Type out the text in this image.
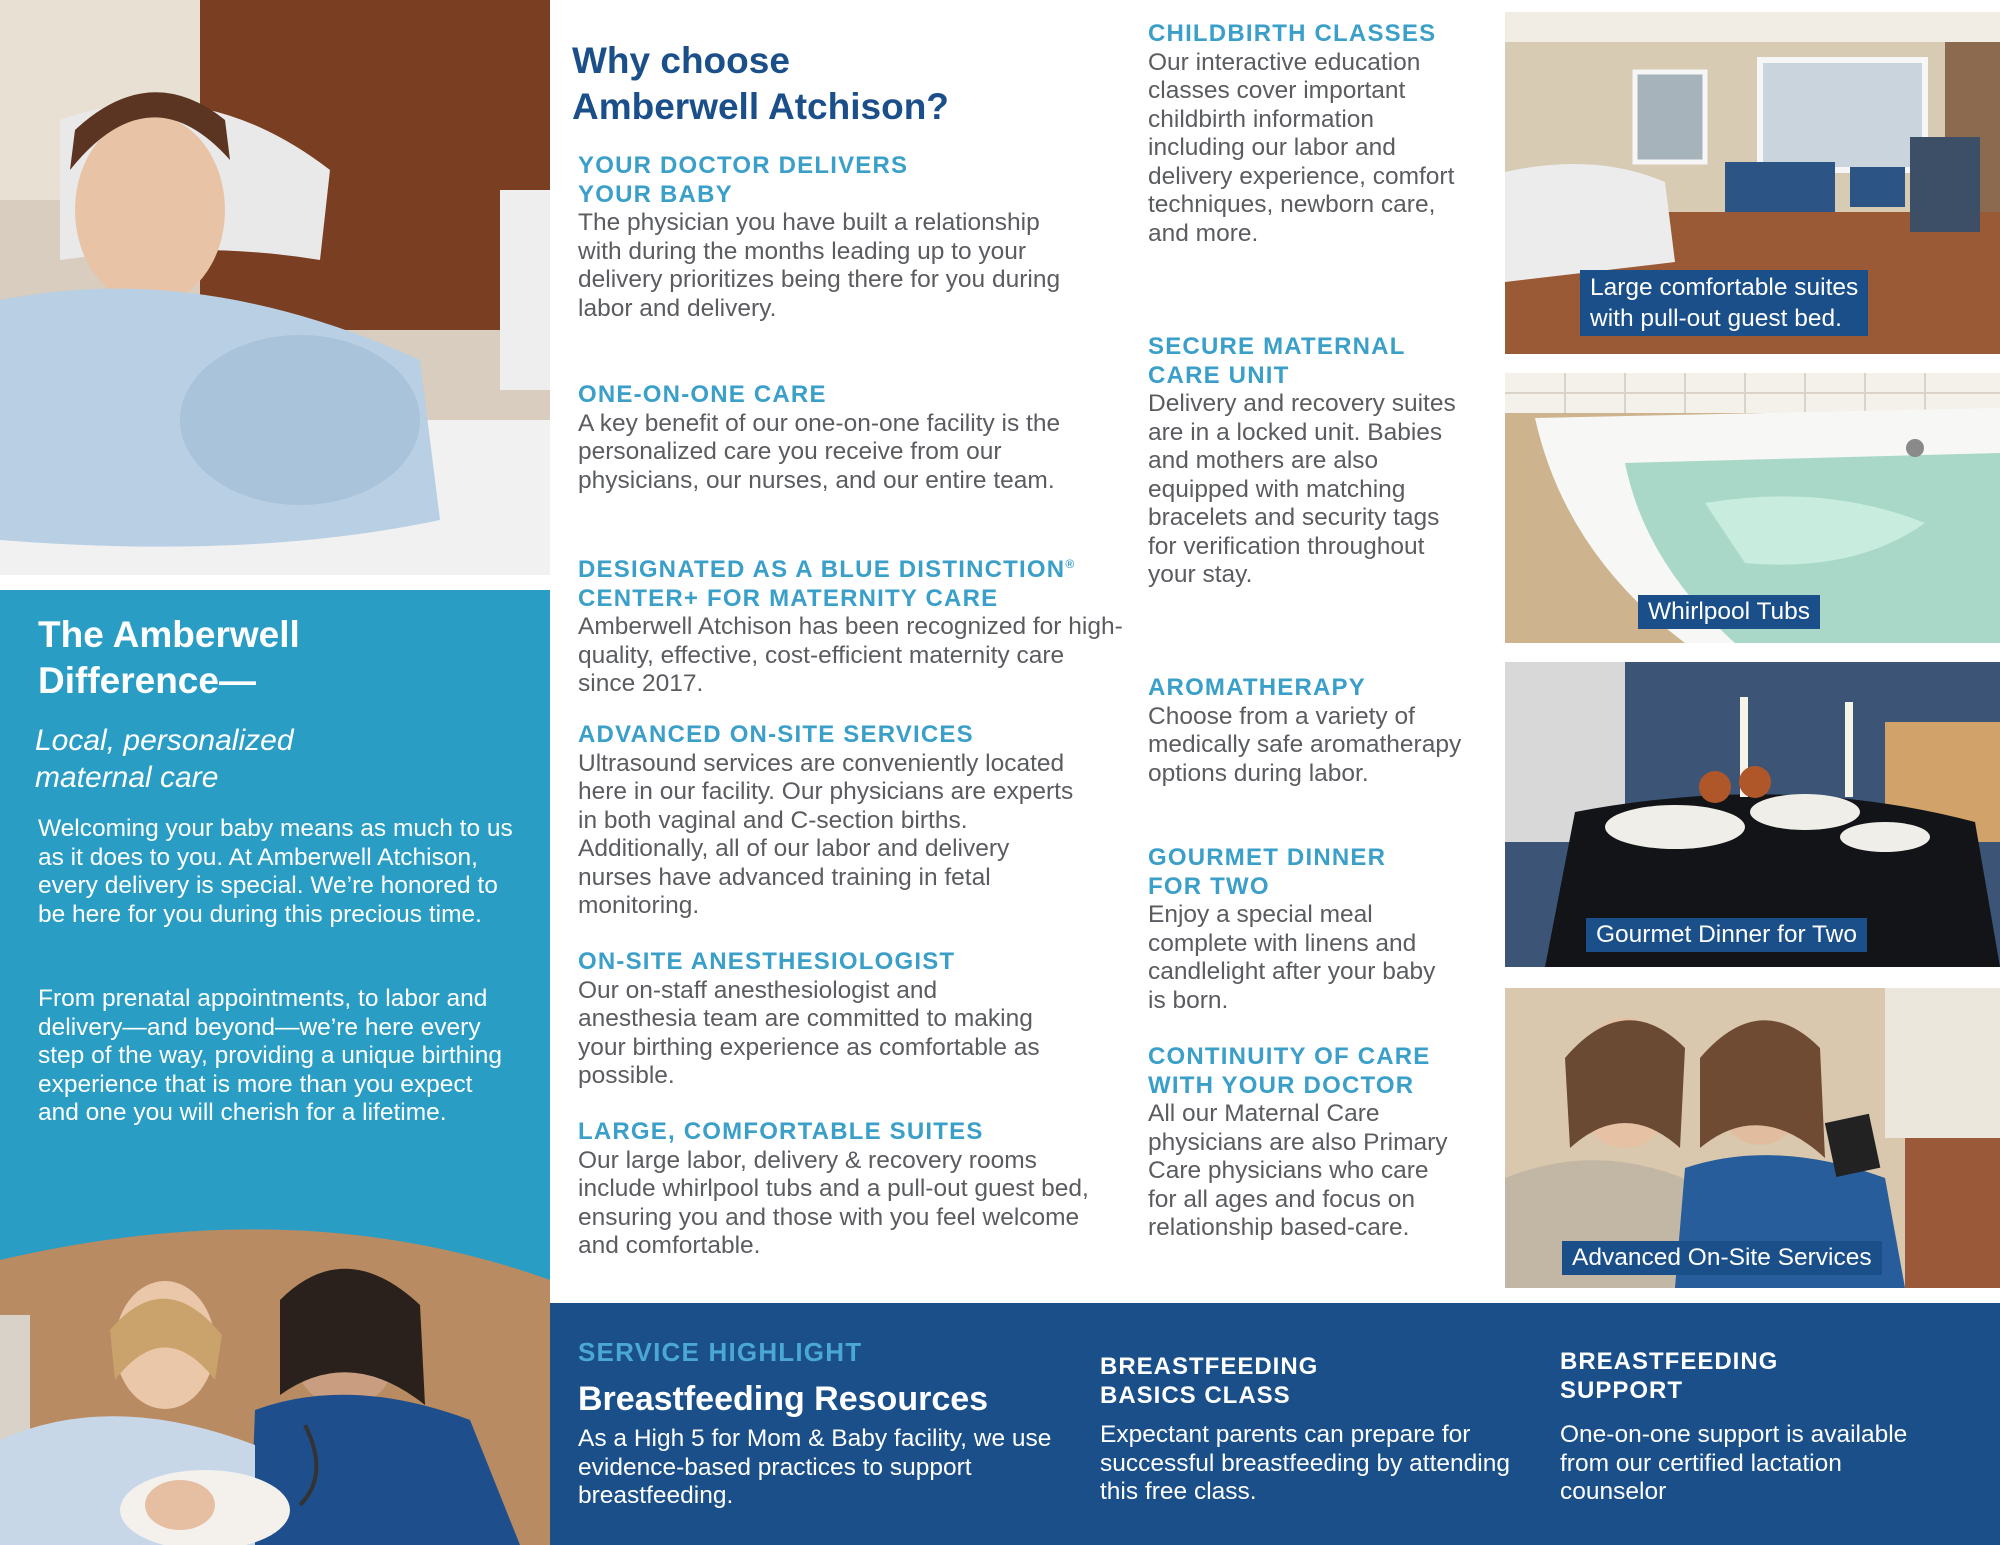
The Amberwell
Difference—

Local, personalized
maternal care

Welcoming your baby means as much to us as it does to you. At Amberwell Atchison, every delivery is special. We’re honored to be here for you during this precious time.

From prenatal appointments, to labor and delivery—and beyond—we’re here every step of the way, providing a unique birthing experience that is more than you expect and one you will cherish for a lifetime.

Why choose
Amberwell Atchison?
YOUR DOCTOR DELIVERS YOUR BABY

The physician you have built a relationship with during the months leading up to your delivery prioritizes being there for you during labor and delivery.

ONE-ON-ONE CARE

A key benefit of our one-on-one facility is the personalized care you receive from our physicians, our nurses, and our entire team.

DESIGNATED AS A BLUE DISTINCTION®
CENTER+ FOR MATERNITY CARE

Amberwell Atchison has been recognized for high-quality, effective, cost-efficient maternity care since 2017.

ADVANCED ON-SITE SERVICES

Ultrasound services are conveniently located here in our facility. Our physicians are experts in both vaginal and C-section births. Additionally, all of our labor and delivery nurses have advanced training in fetal monitoring.

ON-SITE ANESTHESIOLOGIST

Our on-staff anesthesiologist and anesthesia team are committed to making your birthing experience as comfortable as possible.

LARGE, COMFORTABLE SUITES

Our large labor, delivery & recovery rooms include whirlpool tubs and a pull-out guest bed, ensuring you and those with you feel welcome and comfortable.

CHILDBIRTH CLASSES

Our interactive education classes cover important childbirth information including our labor and delivery experience, comfort techniques, newborn care, and more.

SECURE MATERNAL CARE UNIT

Delivery and recovery suites are in a locked unit. Babies and mothers are also equipped with matching bracelets and security tags for verification throughout your stay.

AROMATHERAPY

Choose from a variety of medically safe aromatherapy options during labor.

GOURMET DINNER FOR TWO

Enjoy a special meal complete with linens and candlelight after your baby is born.

CONTINUITY OF CARE WITH YOUR DOCTOR

All our Maternal Care physicians are also Primary Care physicians who care for all ages and focus on relationship based-care.

Large comfortable suites
with pull-out guest bed.
Whirlpool Tubs
Gourmet Dinner for Two
Advanced On-Site Services

SERVICE HIGHLIGHT

Breastfeeding Resources

As a High 5 for Mom & Baby facility, we use evidence-based practices to support breastfeeding.

BREASTFEEDING
BASICS CLASS

Expectant parents can prepare for successful breastfeeding by attending this free class.

BREASTFEEDING
SUPPORT

One-on-one support is available from our certified lactation counselor
